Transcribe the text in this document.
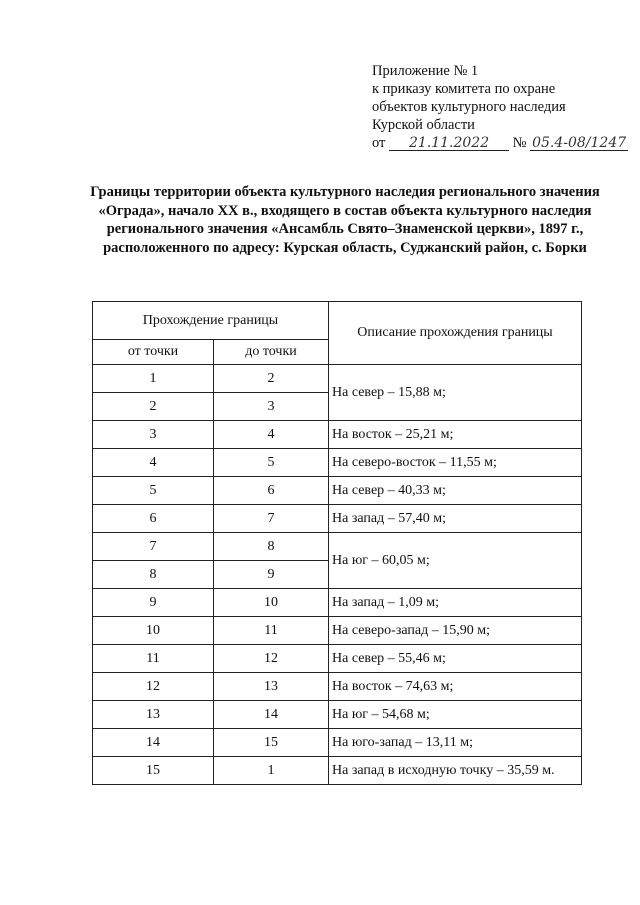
Приложение № 1
к приказу комитета по охране
объектов культурного наследия
Курской области
от 21.11.2022 № 05.4-08/1247
Границы территории объекта культурного наследия регионального значения «Ограда», начало XX в., входящего в состав объекта культурного наследия регионального значения «Ансамбль Свято–Знаменской церкви», 1897 г., расположенного по адресу: Курская область, Суджанский район, с. Борки
Прохождение границы		Описание прохождения границы
от точки	до точки	
1	2	На север – 15,88 м;
2	3	
3	4	На восток – 25,21 м;
4	5	На северо-восток – 11,55 м;
5	6	На север – 40,33 м;
6	7	На запад – 57,40 м;
7	8	На юг – 60,05 м;
8	9	
9	10	На запад – 1,09 м;
10	11	На северо-запад – 15,90 м;
11	12	На север – 55,46 м;
12	13	На восток – 74,63 м;
13	14	На юг – 54,68 м;
14	15	На юго-запад – 13,11 м;
15	1	На запад в исходную точку – 35,59 м.
